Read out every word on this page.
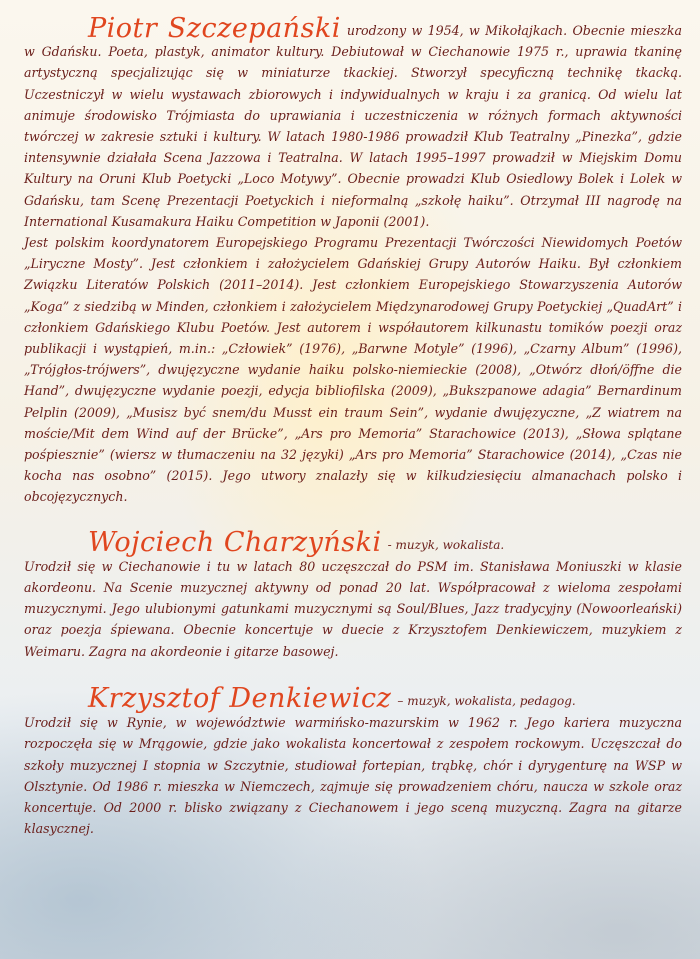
Piotr Szczepański urodzony w 1954, w Mikołajkach. Obecnie mieszka w Gdańsku. Poeta, plastyk, animator kultury. Debiutował w Ciechanowie 1975 r., uprawia tkaninę artystyczną specjalizując się w miniaturze tkackiej. Stworzył specyficzną technikę tkacką. Uczestniczył w wielu wystawach zbiorowych i indywidualnych w kraju i za granicą. Od wielu lat animuje środowisko Trójmiasta do uprawiania i uczestniczenia w różnych formach aktywności twórczej w zakresie sztuki i kultury. W latach 1980-1986 prowadził Klub Teatralny „Pinezka”, gdzie intensywnie działała Scena Jazzowa i Teatralna. W latach 1995–1997 prowadził w Miejskim Domu Kultury na Oruni Klub Poetycki „Loco Motywy”. Obecnie prowadzi Klub Osiedlowy Bolek i Lolek w Gdańsku, tam Scenę Prezentacji Poetyckich i nieformalną „szkołę haiku”. Otrzymał III nagrodę na International Kusamakura Haiku Competition w Japonii (2001).

Jest polskim koordynatorem Europejskiego Programu Prezentacji Twórczości Niewidomych Poetów „Liryczne Mosty”. Jest członkiem i założycielem Gdańskiej Grupy Autorów Haiku. Był członkiem Związku Literatów Polskich (2011–2014). Jest członkiem Europejskiego Stowarzyszenia Autorów „Koga” z siedzibą w Minden, członkiem i założycielem Międzynarodowej Grupy Poetyckiej „QuadArt” i członkiem Gdańskiego Klubu Poetów. Jest autorem i współautorem kilkunastu tomików poezji oraz publikacji i wystąpień, m.in.: „Człowiek” (1976), „Barwne Motyle” (1996), „Czarny Album” (1996), „Trójgłos-trójwers”, dwujęzyczne wydanie haiku polsko-niemieckie (2008), „Otwórz dłoń/öffne die Hand”, dwujęzyczne wydanie poezji, edycja bibliofilska (2009), „Bukszpanowe adagia” Bernardinum Pelplin (2009), „Musisz być snem/du Musst ein traum Sein”, wydanie dwujęzyczne, „Z wiatrem na moście/Mit dem Wind auf der Brücke”, „Ars pro Memoria” Starachowice (2013), „Słowa splątane pośpiesznie” (wiersz w tłumaczeniu na 32 języki) „Ars pro Memoria” Starachowice (2014), „Czas nie kocha nas osobno” (2015). Jego utwory znalazły się w kilkudziesięciu almanachach polsko i obcojęzycznych.

Wojciech Charzyński - muzyk, wokalista.

Urodził się w Ciechanowie i tu w latach 80 uczęszczał do PSM im. Stanisława Moniuszki w klasie akordeonu. Na Scenie muzycznej aktywny od ponad 20 lat. Współpracował z wieloma zespołami muzycznymi. Jego ulubionymi gatunkami muzycznymi są Soul/Blues, Jazz tradycyjny (Nowoorleański) oraz poezja śpiewana. Obecnie koncertuje w duecie z Krzysztofem Denkiewiczem, muzykiem z Weimaru. Zagra na akordeonie i gitarze basowej.

Krzysztof Denkiewicz – muzyk, wokalista, pedagog.

Urodził się w Rynie, w województwie warmińsko-mazurskim w 1962 r. Jego kariera muzyczna rozpoczęła się w Mrągowie, gdzie jako wokalista koncertował z zespołem rockowym. Uczęszczał do szkoły muzycznej I stopnia w Szczytnie, studiował fortepian, trąbkę, chór i dyrygenturę na WSP w Olsztynie. Od 1986 r. mieszka w Niemczech, zajmuje się prowadzeniem chóru, naucza w szkole oraz koncertuje. Od 2000 r. blisko związany z Ciechanowem i jego sceną muzyczną. Zagra na gitarze klasycznej.
